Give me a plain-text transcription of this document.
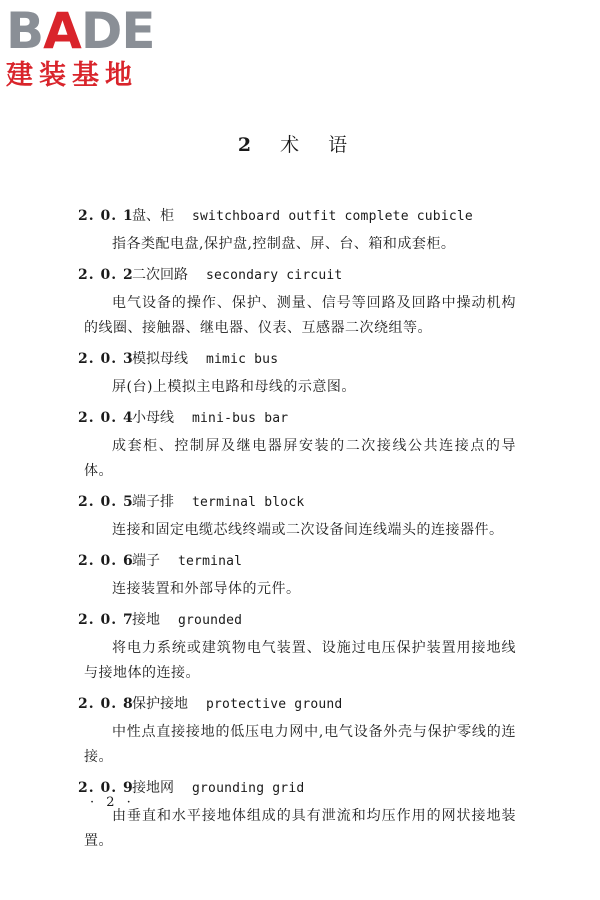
B A DE
建装基地
2 术 语
2. 0. 1盘、柜 switchboard outfit complete cubicle

指各类配电盘,保护盘,控制盘、屏、台、箱和成套柜。

2. 0. 2二次回路 secondary circuit

电气设备的操作、保护、测量、信号等回路及回路中操动机构的线圈、接触器、继电器、仪表、互感器二次绕组等。

2. 0. 3模拟母线 mimic bus

屏(台)上模拟主电路和母线的示意图。

2. 0. 4小母线 mini-bus bar

成套柜、控制屏及继电器屏安装的二次接线公共连接点的导体。

2. 0. 5端子排 terminal block

连接和固定电缆芯线终端或二次设备间连线端头的连接器件。

2. 0. 6端子 terminal

连接装置和外部导体的元件。

2. 0. 7接地 grounded

将电力系统或建筑物电气装置、设施过电压保护装置用接地线与接地体的连接。

2. 0. 8保护接地 protective ground

中性点直接接地的低压电力网中,电气设备外壳与保护零线的连接。

2. 0. 9接地网 grounding grid

由垂直和水平接地体组成的具有泄流和均压作用的网状接地装置。

· 2 ·
